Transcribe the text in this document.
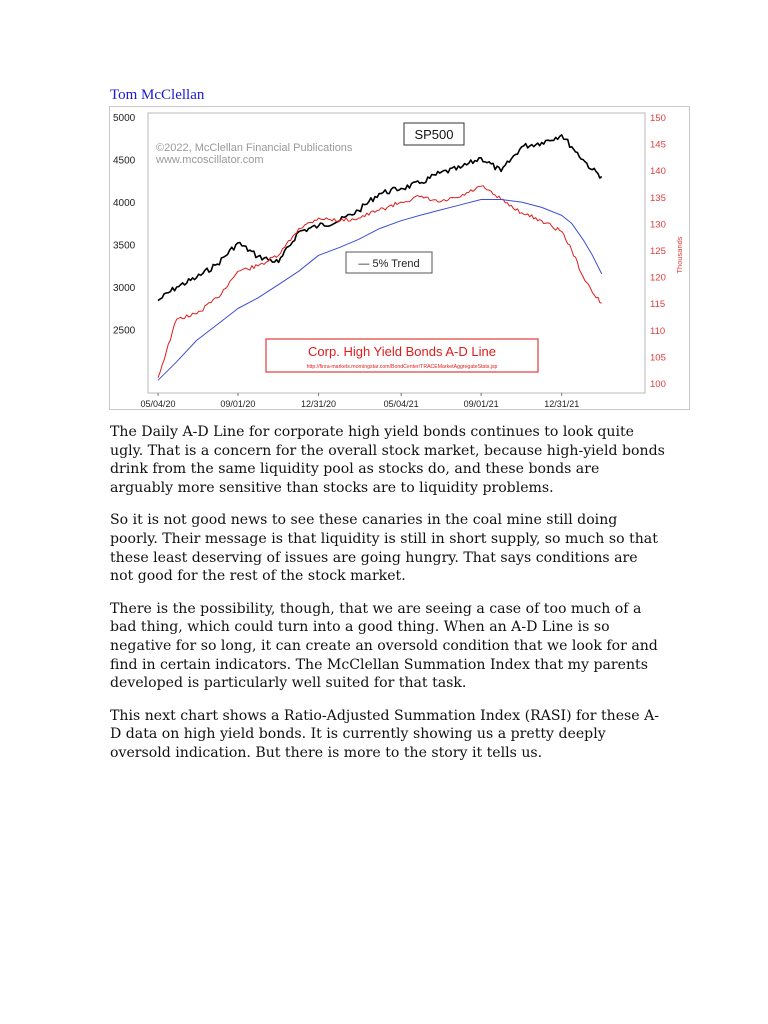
Tom McClellan
©2022, McClellan Financial Publications
www.mcoscillator.com
SP500
— 5% Trend
Corp. High Yield Bonds A-D Line
http://finra-markets.morningstar.com/BondCenter/TRACEMarketAggregateStats.jsp
Thousands
5000
4500
4000
3500
3000
2500
150
145
140
135
130
125
120
115
110
105
100
05/04/20	09/01/20	12/31/20	05/04/21	09/01/21	12/31/21

The Daily A-D Line for corporate high yield bonds continues to look quite ugly. That is a concern for the overall stock market, because high-yield bonds drink from the same liquidity pool as stocks do, and these bonds are arguably more sensitive than stocks are to liquidity problems.

So it is not good news to see these canaries in the coal mine still doing poorly. Their message is that liquidity is still in short supply, so much so that these least deserving of issues are going hungry. That says conditions are not good for the rest of the stock market.

There is the possibility, though, that we are seeing a case of too much of a bad thing, which could turn into a good thing. When an A-D Line is so negative for so long, it can create an oversold condition that we look for and find in certain indicators. The McClellan Summation Index that my parents developed is particularly well suited for that task.

This next chart shows a Ratio-Adjusted Summation Index (RASI) for these A-D data on high yield bonds. It is currently showing us a pretty deeply oversold indication. But there is more to the story it tells us.
